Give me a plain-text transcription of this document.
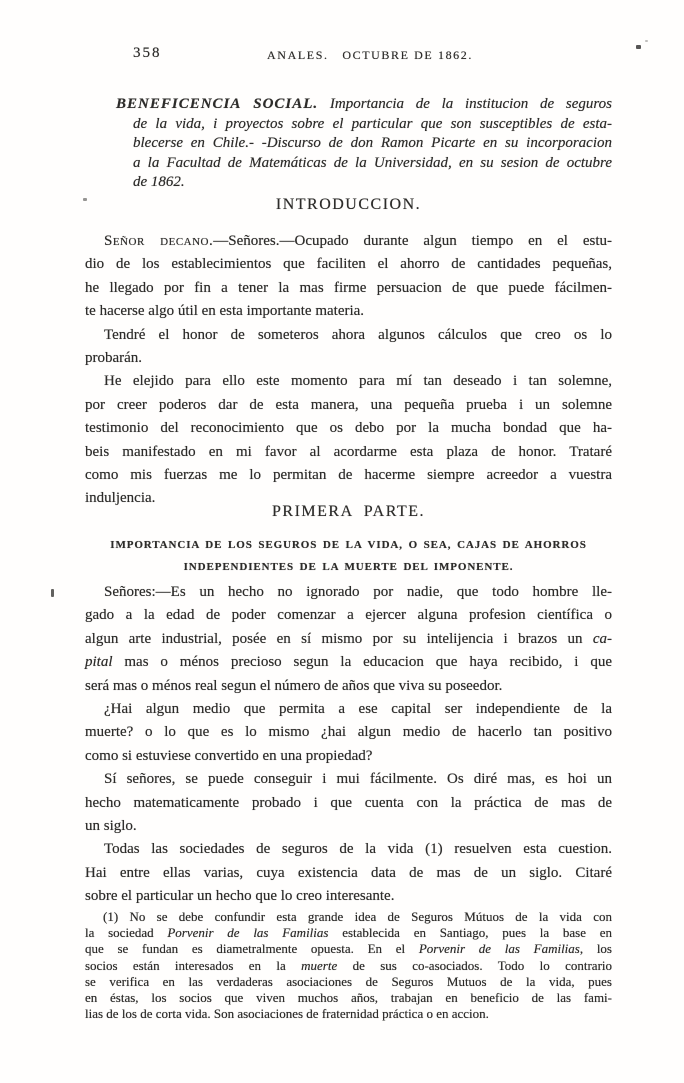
358	ANALES.   OCTUBRE DE 1862.
BENEFICENCIA SOCIAL. Importancia de la institucion de seguros
de la vida, i proyectos sobre el particular que son susceptibles de esta-
blecerse en Chile.- -Discurso de don Ramon Picarte en su incorporacion
a la Facultad de Matemáticas de la Universidad, en su sesion de octubre
de 1862.
INTRODUCCION.
Señor decano.—Señores.—Ocupado durante algun tiempo en el estu-
dio de los establecimientos que faciliten el ahorro de cantidades pequeñas,
he llegado por fin a tener la mas firme persuacion de que puede fácilmen-
te hacerse algo útil en esta importante materia.
Tendré el honor de someteros ahora algunos cálculos que creo os lo
probarán.
He elejido para ello este momento para mí tan deseado i tan solemne,
por creer poderos dar de esta manera, una pequeña prueba i un solemne
testimonio del reconocimiento que os debo por la mucha bondad que ha-
beis manifestado en mi favor al acordarme esta plaza de honor. Trataré
como mis fuerzas me lo permitan de hacerme siempre acreedor a vuestra
induljencia.
PRIMERA  PARTE.
IMPORTANCIA DE LOS SEGUROS DE LA VIDA, O SEA, CAJAS DE AHORROS
INDEPENDIENTES DE LA MUERTE DEL IMPONENTE.
Señores:—Es un hecho no ignorado por nadie, que todo hombre lle-
gado a la edad de poder comenzar a ejercer alguna profesion científica o
algun arte industrial, posée en sí mismo por su intelijencia i brazos un ca-
pital mas o ménos precioso segun la educacion que haya recibido, i que
será mas o ménos real segun el número de años que viva su poseedor.
¿Hai algun medio que permita a ese capital ser independiente de la
muerte? o lo que es lo mismo ¿hai algun medio de hacerlo tan positivo
como si estuviese convertido en una propiedad?
Sí señores, se puede conseguir i mui fácilmente. Os diré mas, es hoi un
hecho matematicamente probado i que cuenta con la práctica de mas de
un siglo.
Todas las sociedades de seguros de la vida (1) resuelven esta cuestion.
Hai entre ellas varias, cuya existencia data de mas de un siglo. Citaré
sobre el particular un hecho que lo creo interesante.
(1) No se debe confundir esta grande idea de Seguros Mútuos de la vida con
la sociedad Porvenir de las Familias establecida en Santiago, pues la base en
que se fundan es diametralmente opuesta. En el Porvenir de las Familias, los
socios están interesados en la muerte de sus co-asociados. Todo lo contrario
se verifica en las verdaderas asociaciones de Seguros Mutuos de la vida, pues
en éstas, los socios que viven muchos años, trabajan en beneficio de las fami-
lias de los de corta vida. Son asociaciones de fraternidad práctica o en accion.
